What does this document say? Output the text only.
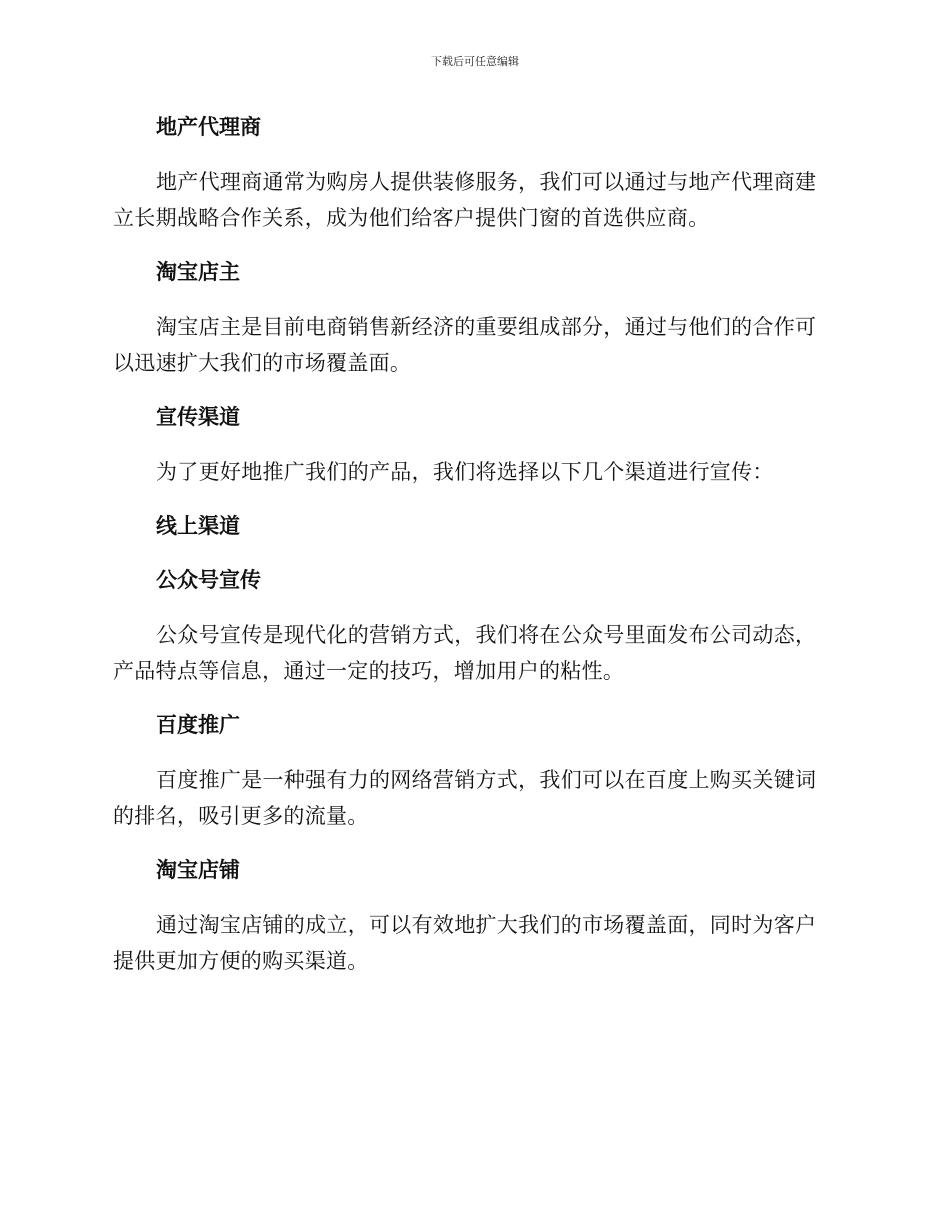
下载后可任意编辑
地产代理商
地产代理商通常为购房人提供装修服务，我们可以通过与地产代理商建立长期战略合作关系，成为他们给客户提供门窗的首选供应商。
淘宝店主
淘宝店主是目前电商销售新经济的重要组成部分，通过与他们的合作可以迅速扩大我们的市场覆盖面。
宣传渠道
为了更好地推广我们的产品，我们将选择以下几个渠道进行宣传：
线上渠道
公众号宣传
公众号宣传是现代化的营销方式，我们将在公众号里面发布公司动态，产品特点等信息，通过一定的技巧，增加用户的粘性。
百度推广
百度推广是一种强有力的网络营销方式，我们可以在百度上购买关键词的排名，吸引更多的流量。
淘宝店铺
通过淘宝店铺的成立，可以有效地扩大我们的市场覆盖面，同时为客户提供更加方便的购买渠道。
